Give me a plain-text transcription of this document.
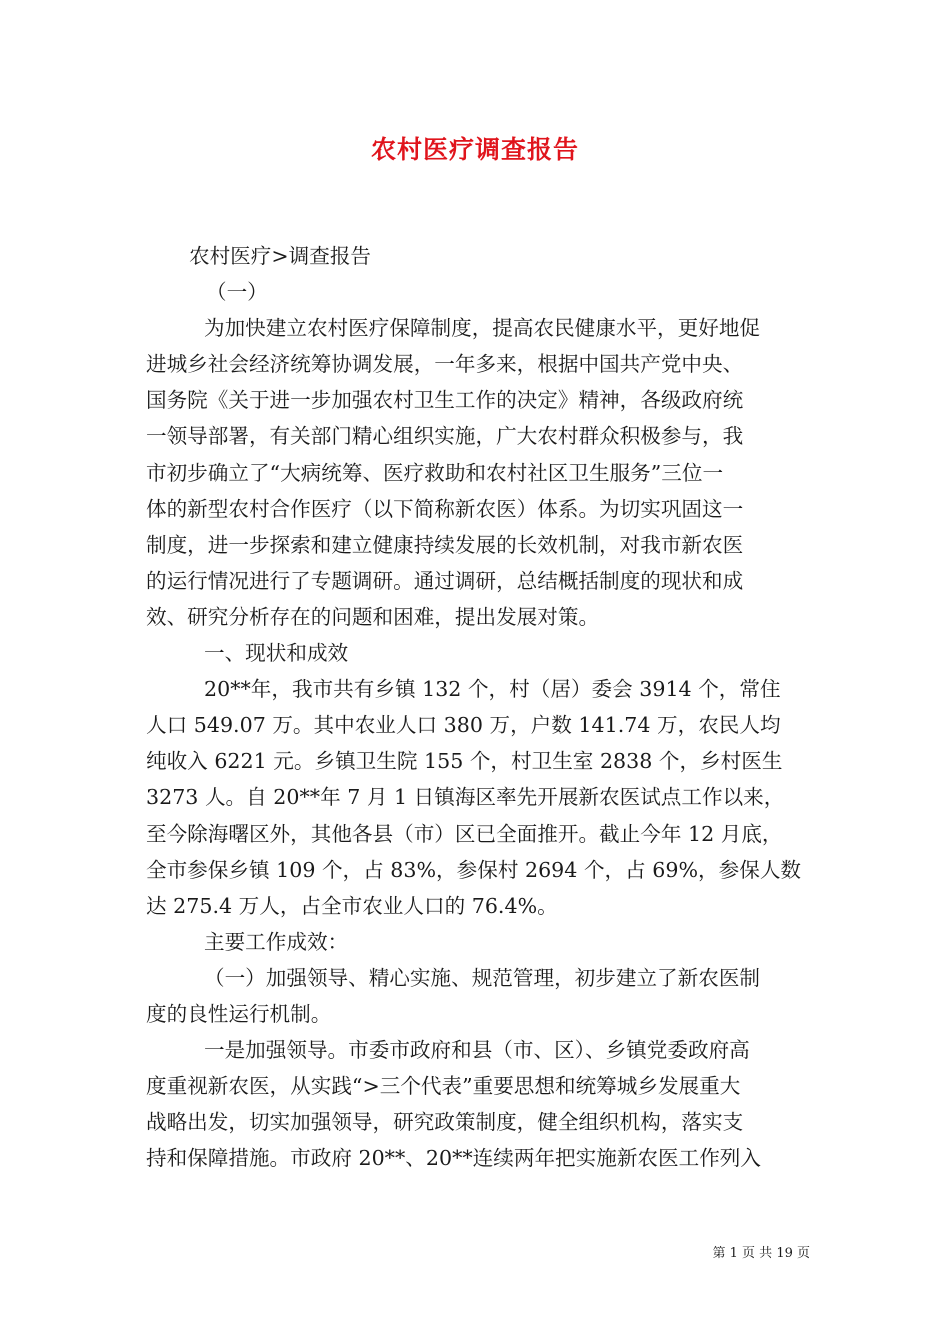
农村医疗调查报告
农村医疗>调查报告
（一）
为加快建立农村医疗保障制度，提高农民健康水平，更好地促
进城乡社会经济统筹协调发展，一年多来，根据中国共产党中央、
国务院《关于进一步加强农村卫生工作的决定》精神，各级政府统
一领导部署，有关部门精心组织实施，广大农村群众积极参与，我
市初步确立了“大病统筹、医疗救助和农村社区卫生服务”三位一
体的新型农村合作医疗（以下简称新农医）体系。为切实巩固这一
制度，进一步探索和建立健康持续发展的长效机制，对我市新农医
的运行情况进行了专题调研。通过调研，总结概括制度的现状和成
效、研究分析存在的问题和困难，提出发展对策。
一、现状和成效
20**年，我市共有乡镇 132 个，村（居）委会 3914 个，常住
人口 549.07 万。其中农业人口 380 万，户数 141.74 万，农民人均
纯收入 6221 元。乡镇卫生院 155 个，村卫生室 2838 个，乡村医生
3273 人。自 20**年 7 月 1 日镇海区率先开展新农医试点工作以来，
至今除海曙区外，其他各县（市）区已全面推开。截止今年 12 月底，
全市参保乡镇 109 个，占 83%，参保村 2694 个，占 69%，参保人数
达 275.4 万人，占全市农业人口的 76.4%。
主要工作成效：
（一）加强领导、精心实施、规范管理，初步建立了新农医制
度的良性运行机制。
一是加强领导。市委市政府和县（市、区）、乡镇党委政府高
度重视新农医，从实践“>三个代表”重要思想和统筹城乡发展重大
战略出发，切实加强领导，研究政策制度，健全组织机构，落实支
持和保障措施。市政府 20**、20**连续两年把实施新农医工作列入
第 1 页 共 19 页
